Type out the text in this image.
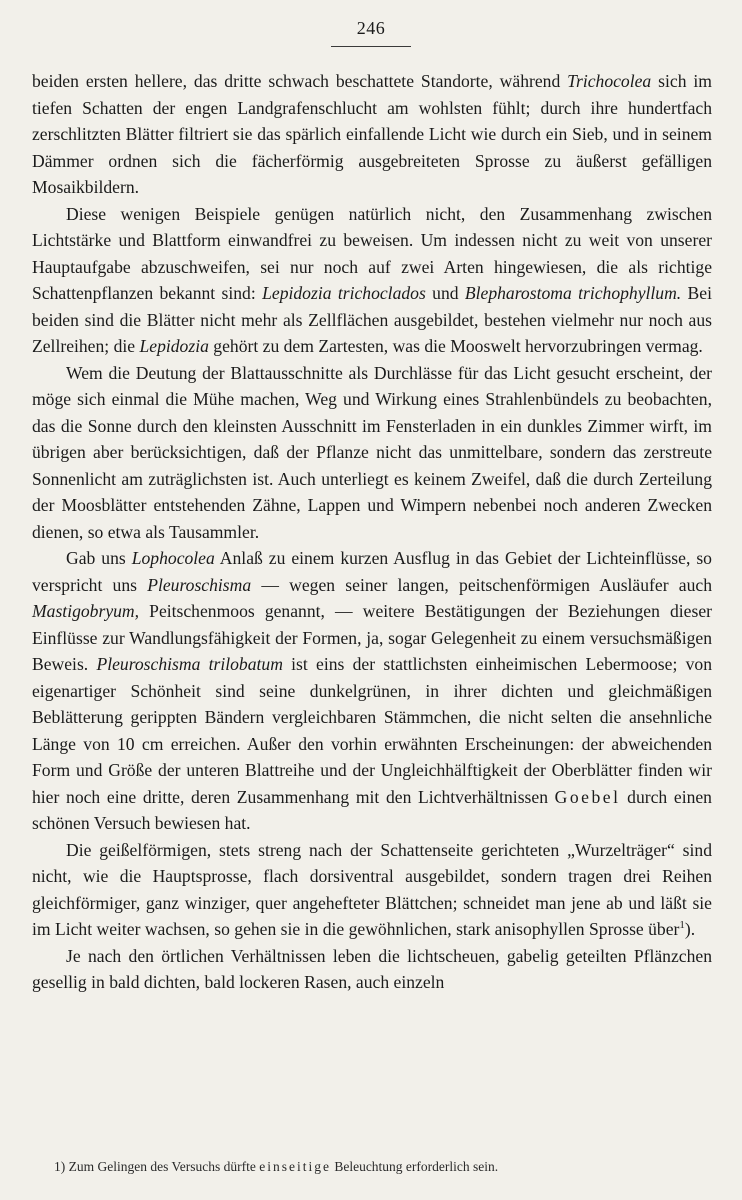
246

beiden ersten hellere, das dritte schwach beschattete Standorte, während Trichocolea sich im tiefen Schatten der engen Landgrafenschlucht am wohlsten fühlt; durch ihre hundertfach zerschlitzten Blätter filtriert sie das spärlich einfallende Licht wie durch ein Sieb, und in seinem Dämmer ordnen sich die fächerförmig ausgebreiteten Sprosse zu äußerst gefälligen Mosaikbildern.

Diese wenigen Beispiele genügen natürlich nicht, den Zusammenhang zwischen Lichtstärke und Blattform einwandfrei zu beweisen. Um indessen nicht zu weit von unserer Hauptaufgabe abzuschweifen, sei nur noch auf zwei Arten hingewiesen, die als richtige Schattenpflanzen bekannt sind: Lepidozia trichoclados und Blepharostoma trichophyllum. Bei beiden sind die Blätter nicht mehr als Zellflächen ausgebildet, bestehen vielmehr nur noch aus Zellreihen; die Lepidozia gehört zu dem Zartesten, was die Mooswelt hervorzubringen vermag.

Wem die Deutung der Blattausschnitte als Durchlässe für das Licht gesucht erscheint, der möge sich einmal die Mühe machen, Weg und Wirkung eines Strahlenbündels zu beobachten, das die Sonne durch den kleinsten Ausschnitt im Fensterladen in ein dunkles Zimmer wirft, im übrigen aber berücksichtigen, daß der Pflanze nicht das unmittelbare, sondern das zerstreute Sonnenlicht am zuträglichsten ist. Auch unterliegt es keinem Zweifel, daß die durch Zerteilung der Moosblätter entstehenden Zähne, Lappen und Wimpern nebenbei noch anderen Zwecken dienen, so etwa als Tausammler.

Gab uns Lophocolea Anlaß zu einem kurzen Ausflug in das Gebiet der Lichteinflüsse, so verspricht uns Pleuroschisma — wegen seiner langen, peitschenförmigen Ausläufer auch Mastigobryum, Peitschenmoos genannt, — weitere Bestätigungen der Beziehungen dieser Einflüsse zur Wandlungsfähigkeit der Formen, ja, sogar Gelegenheit zu einem versuchsmäßigen Beweis. Pleuroschisma trilobatum ist eins der stattlichsten einheimischen Lebermoose; von eigenartiger Schönheit sind seine dunkelgrünen, in ihrer dichten und gleichmäßigen Beblätterung gerippten Bändern vergleichbaren Stämmchen, die nicht selten die ansehnliche Länge von 10 cm erreichen. Außer den vorhin erwähnten Erscheinungen: der abweichenden Form und Größe der unteren Blattreihe und der Ungleichhälftigkeit der Oberblätter finden wir hier noch eine dritte, deren Zusammenhang mit den Lichtverhältnissen Goebel durch einen schönen Versuch bewiesen hat.

Die geißelförmigen, stets streng nach der Schattenseite gerichteten „Wurzelträger“ sind nicht, wie die Hauptsprosse, flach dorsiventral ausgebildet, sondern tragen drei Reihen gleichförmiger, ganz winziger, quer angehefteter Blättchen; schneidet man jene ab und läßt sie im Licht weiter wachsen, so gehen sie in die gewöhnlichen, stark anisophyllen Sprosse über$^1$).

Je nach den örtlichen Verhältnissen leben die lichtscheuen, gabelig geteilten Pflänzchen gesellig in bald dichten, bald lockeren Rasen, auch einzeln

1) Zum Gelingen des Versuchs dürfte einseitige Beleuchtung erforderlich sein.
